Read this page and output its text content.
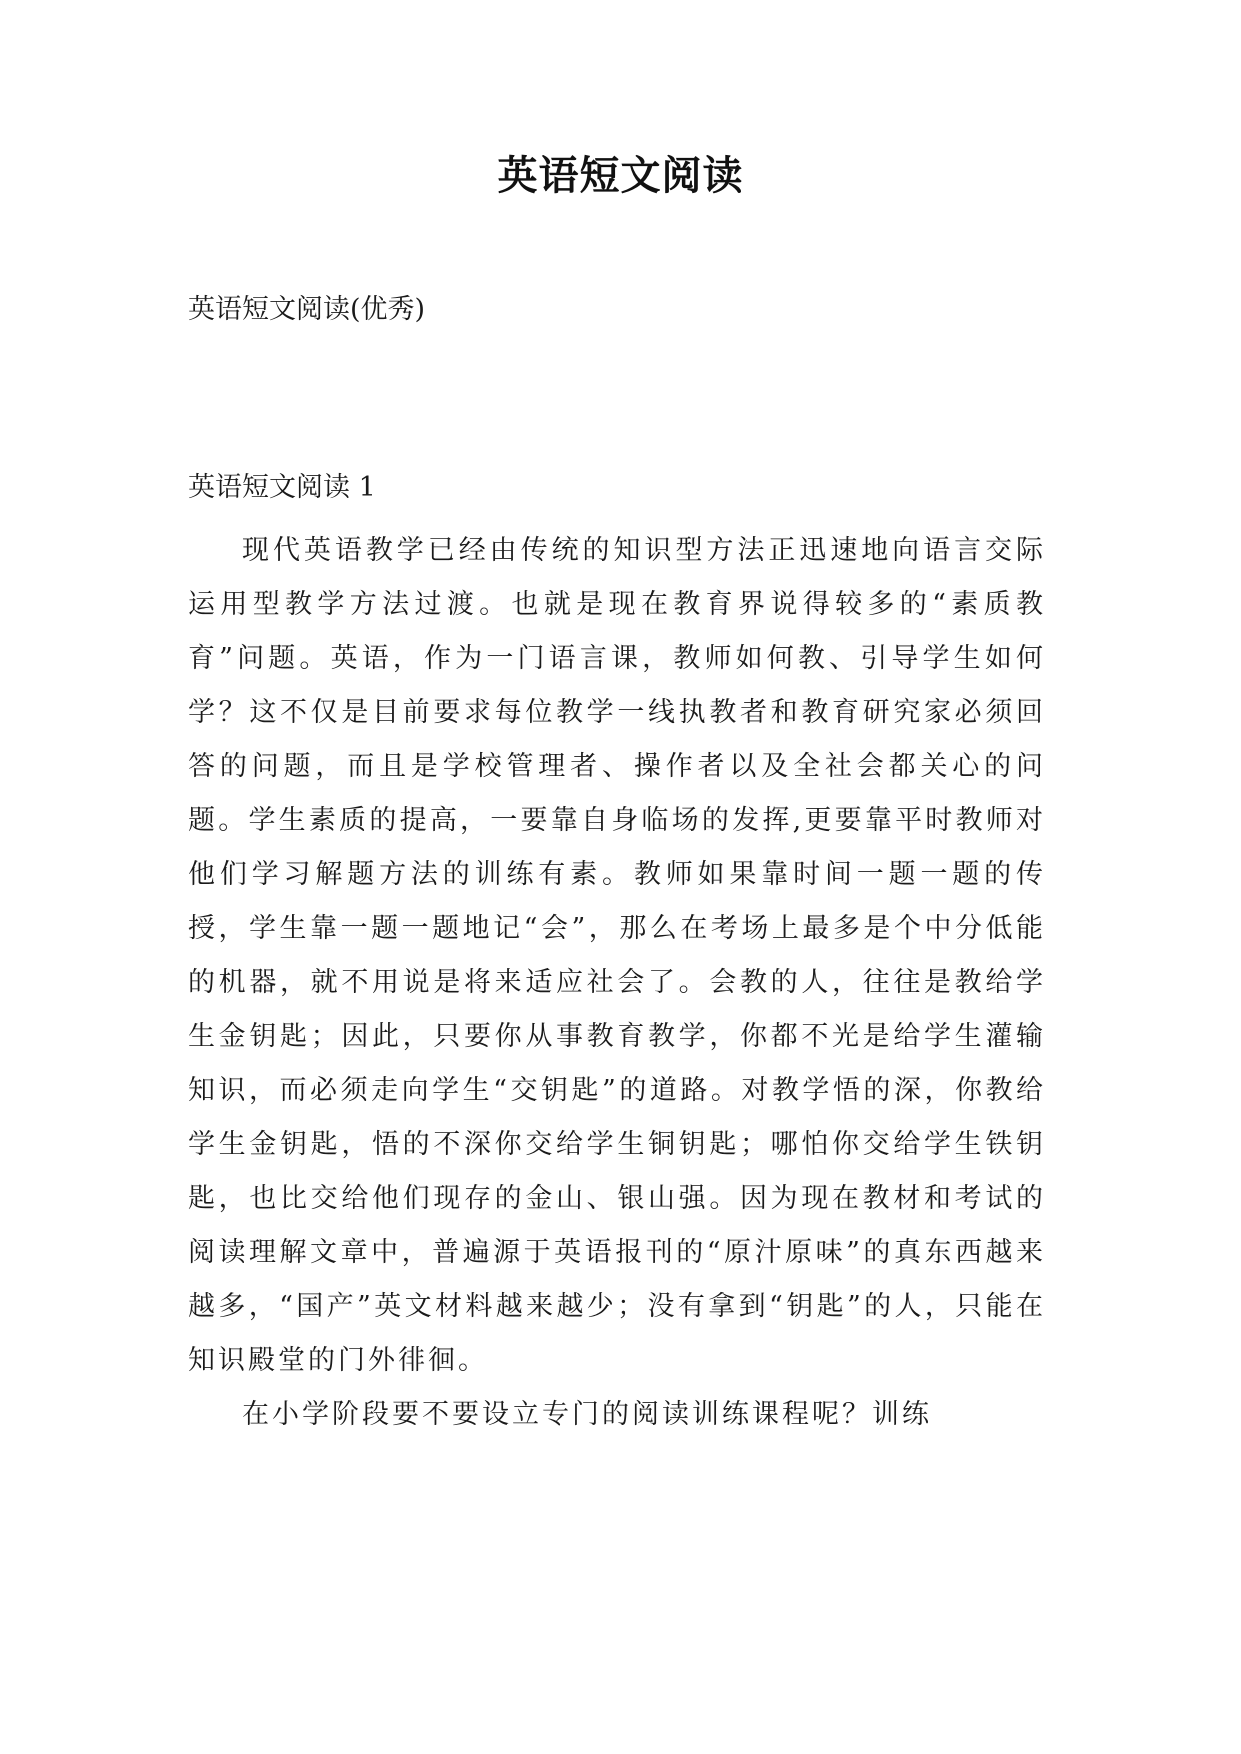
英语短文阅读
英语短文阅读(优秀)
英语短文阅读 1

现代英语教学已经由传统的知识型方法正迅速地向语言交际运用型教学方法过渡。也就是现在教育界说得较多的“素质教育”问题。英语，作为一门语言课，教师如何教、引导学生如何学？这不仅是目前要求每位教学一线执教者和教育研究家必须回答的问题，而且是学校管理者、操作者以及全社会都关心的问题。学生素质的提高，一要靠自身临场的发挥,更要靠平时教师对他们学习解题方法的训练有素。教师如果靠时间一题一题的传授，学生靠一题一题地记“会”，那么在考场上最多是个中分低能的机器，就不用说是将来适应社会了。会教的人，往往是教给学生金钥匙；因此，只要你从事教育教学，你都不光是给学生灌输知识，而必须走向学生“交钥匙”的道路。对教学悟的深，你教给学生金钥匙，悟的不深你交给学生铜钥匙；哪怕你交给学生铁钥匙，也比交给他们现存的金山、银山强。因为现在教材和考试的阅读理解文章中，普遍源于英语报刊的“原汁原味”的真东西越来越多，“国产”英文材料越来越少；没有拿到“钥匙”的人，只能在知识殿堂的门外徘徊。

在小学阶段要不要设立专门的阅读训练课程呢？训练
